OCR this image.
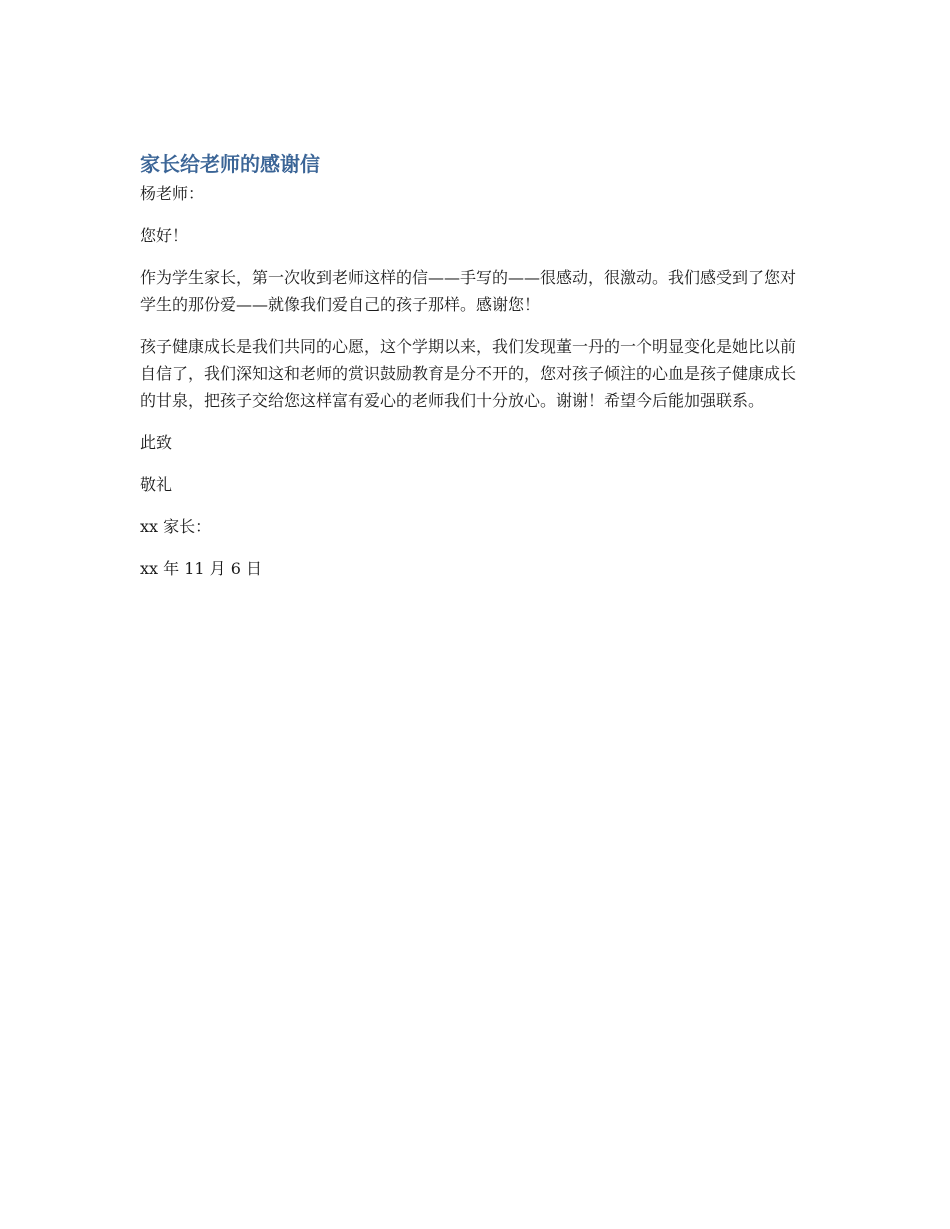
家长给老师的感谢信

杨老师：

您好！

作为学生家长，第一次收到老师这样的信——手写的——很感动，很激动。我们感受到了您对学生的那份爱——就像我们爱自己的孩子那样。感谢您！

孩子健康成长是我们共同的心愿，这个学期以来，我们发现董一丹的一个明显变化是她比以前自信了，我们深知这和老师的赏识鼓励教育是分不开的，您对孩子倾注的心血是孩子健康成长的甘泉，把孩子交给您这样富有爱心的老师我们十分放心。谢谢！希望今后能加强联系。

此致

敬礼

xx 家长：

xx 年 11 月 6 日
